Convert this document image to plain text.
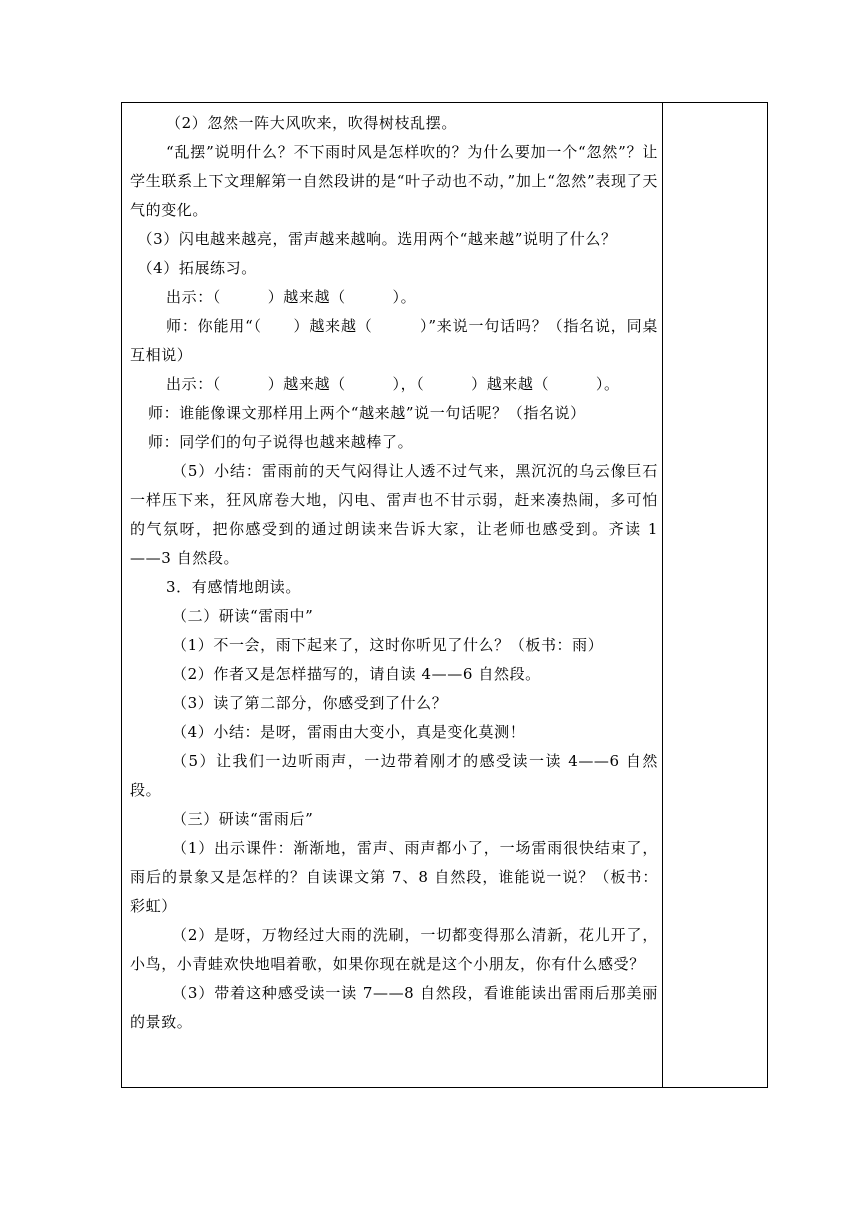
（2）忽然一阵大风吹来，吹得树枝乱摆。

“乱摆”说明什么？不下雨时风是怎样吹的？为什么要加一个“忽然”？让学生联系上下文理解第一自然段讲的是“叶子动也不动，”加上“忽然”表现了天气的变化。

（3）闪电越来越亮，雷声越来越响。选用两个“越来越”说明了什么？

（4）拓展练习。

出示：（　　　）越来越（　　　）。

师：你能用“（　　）越来越（　　　）”来说一句话吗？（指名说，同桌互相说）

出示：（　　　）越来越（　　　），（　　　）越来越（　　　）。

师：谁能像课文那样用上两个“越来越”说一句话呢？（指名说）

师：同学们的句子说得也越来越棒了。

（5）小结：雷雨前的天气闷得让人透不过气来，黑沉沉的乌云像巨石一样压下来，狂风席卷大地，闪电、雷声也不甘示弱，赶来凑热闹，多可怕的气氛呀，把你感受到的通过朗读来告诉大家，让老师也感受到。齐读 1——3 自然段。

3．有感情地朗读。

（二）研读“雷雨中”

（1）不一会，雨下起来了，这时你听见了什么？（板书：雨）

（2）作者又是怎样描写的，请自读 4——6 自然段。

（3）读了第二部分，你感受到了什么？

（4）小结：是呀，雷雨由大变小，真是变化莫测！

（5）让我们一边听雨声，一边带着刚才的感受读一读 4——6 自然段。

（三）研读“雷雨后”

（1）出示课件：渐渐地，雷声、雨声都小了，一场雷雨很快结束了，雨后的景象又是怎样的？自读课文第 7、8 自然段，谁能说一说？（板书：彩虹）

（2）是呀，万物经过大雨的洗刷，一切都变得那么清新，花儿开了，小鸟，小青蛙欢快地唱着歌，如果你现在就是这个小朋友，你有什么感受？

（3）带着这种感受读一读 7——8 自然段，看谁能读出雷雨后那美丽的景致。
